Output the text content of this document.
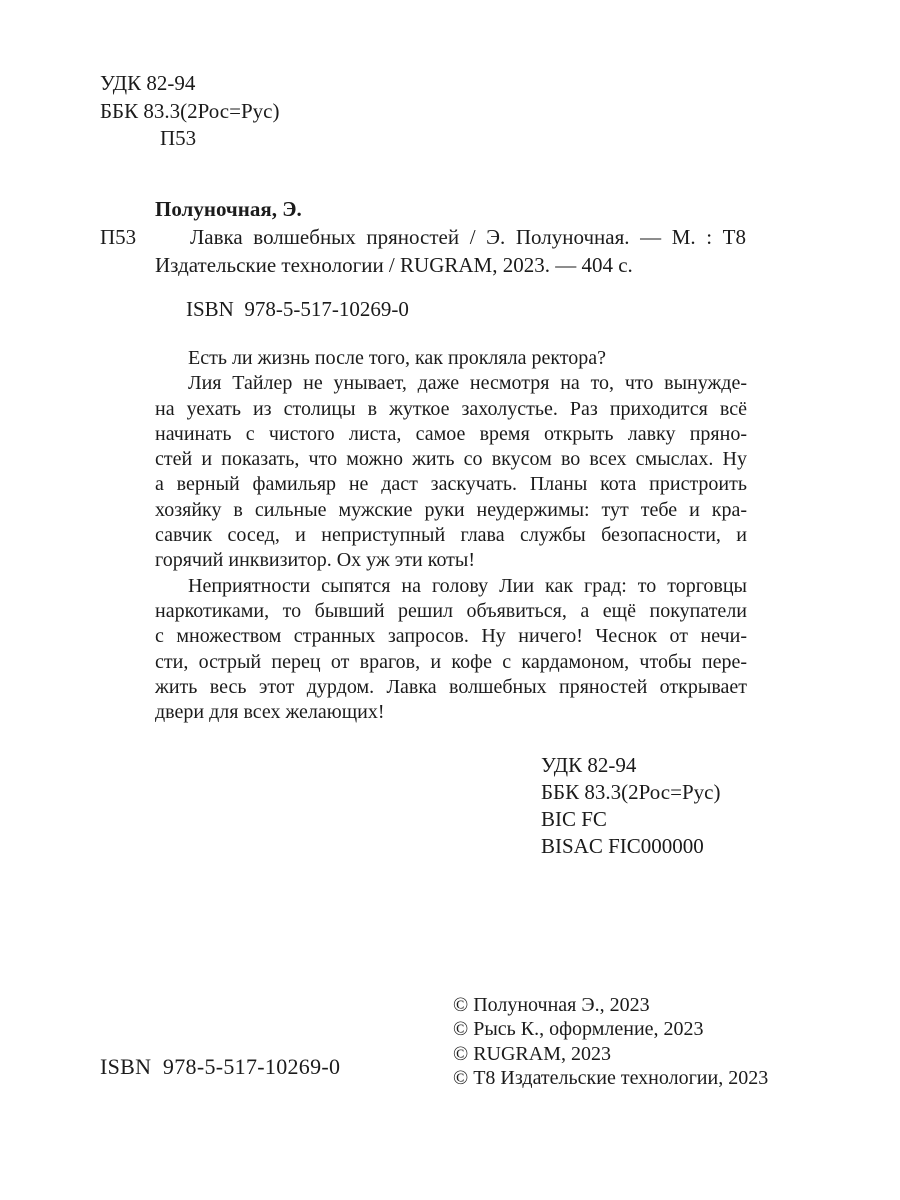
УДК 82-94
ББК 83.3(2Рос=Рус)
П53
Полуночная, Э.
П53	Лавка волшебных пряностей / Э. Полуночная. — М. : Т8
Издательские технологии / RUGRAM, 2023. — 404 с.
ISBN  978-5-517-10269-0
Есть ли жизнь после того, как прокляла ректора?
Лия Тайлер не унывает, даже несмотря на то, что вынужде-
на уехать из столицы в жуткое захолустье. Раз приходится всё
начинать с чистого листа, самое время открыть лавку пряно-
стей и показать, что можно жить со вкусом во всех смыслах. Ну
а верный фамильяр не даст заскучать. Планы кота пристроить
хозяйку в сильные мужские руки неудержимы: тут тебе и кра-
савчик сосед, и неприступный глава службы безопасности, и
горячий инквизитор. Ох уж эти коты!
Неприятности сыпятся на голову Лии как град: то торговцы
наркотиками, то бывший решил объявиться, а ещё покупатели
с множеством странных запросов. Ну ничего! Чеснок от нечи-
сти, острый перец от врагов, и кофе с кардамоном, чтобы пере-
жить весь этот дурдом. Лавка волшебных пряностей открывает
двери для всех желающих!
УДК 82-94
ББК 83.3(2Рос=Рус)
BIC FC
BISAC FIC000000
© Полуночная Э., 2023
© Рысь К., оформление, 2023
© RUGRAM, 2023
© Т8 Издательские технологии, 2023
ISBN  978-5-517-10269-0
